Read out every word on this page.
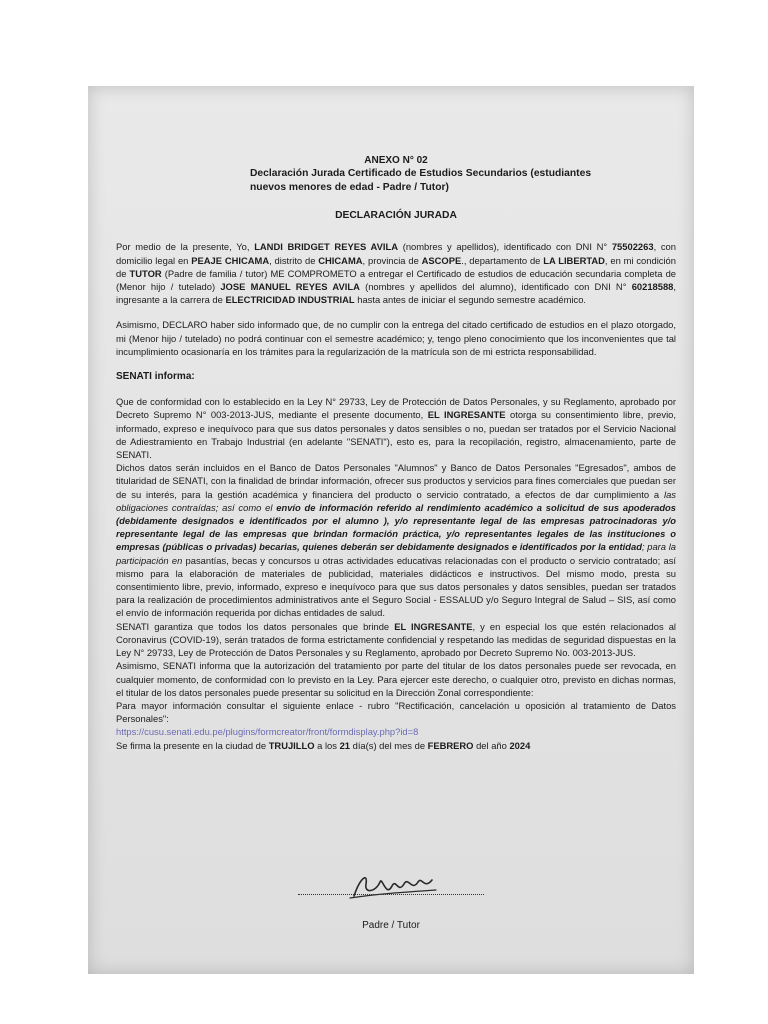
ANEXO N° 02

Declaración Jurada Certificado de Estudios Secundarios (estudiantes
nuevos menores de edad - Padre / Tutor)

DECLARACIÓN JURADA

Por medio de la presente, Yo, LANDI BRIDGET REYES AVILA (nombres y apellidos), identificado con DNI N° 75502263, con domicilio legal en PEAJE CHICAMA, distrito de CHICAMA, provincia de ASCOPE., departamento de LA LIBERTAD, en mi condición de TUTOR (Padre de familia / tutor) ME COMPROMETO a entregar el Certificado de estudios de educación secundaria completa de (Menor hijo / tutelado) JOSE MANUEL REYES AVILA (nombres y apellidos del alumno), identificado con DNI N° 60218588, ingresante a la carrera de ELECTRICIDAD INDUSTRIAL hasta antes de iniciar el segundo semestre académico.

Asimismo, DECLARO haber sido informado que, de no cumplir con la entrega del citado certificado de estudios en el plazo otorgado, mi (Menor hijo / tutelado) no podrá continuar con el semestre académico; y, tengo pleno conocimiento que los inconvenientes que tal incumplimiento ocasionaría en los trámites para la regularización de la matrícula son de mi estricta responsabilidad.

SENATI informa:

Que de conformidad con lo establecido en la Ley N° 29733, Ley de Protección de Datos Personales, y su Reglamento, aprobado por Decreto Supremo N° 003-2013-JUS, mediante el presente documento, EL INGRESANTE otorga su consentimiento libre, previo, informado, expreso e inequívoco para que sus datos personales y datos sensibles o no, puedan ser tratados por el Servicio Nacional de Adiestramiento en Trabajo Industrial (en adelante "SENATI"), esto es, para la recopilación, registro, almacenamiento, parte de SENATI.

Dichos datos serán incluidos en el Banco de Datos Personales "Alumnos" y Banco de Datos Personales "Egresados", ambos de titularidad de SENATI, con la finalidad de brindar información, ofrecer sus productos y servicios para fines comerciales que puedan ser de su interés, para la gestión académica y financiera del producto o servicio contratado, a efectos de dar cumplimiento a las obligaciones contraídas; así como el envío de información referido al rendimiento académico a solicitud de sus apoderados (debidamente designados e identificados por el alumno ), y/o representante legal de las empresas patrocinadoras y/o representante legal de las empresas que brindan formación práctica, y/o representantes legales de las instituciones o empresas (públicas o privadas) becarias, quienes deberán ser debidamente designados e identificados por la entidad; para la participación en pasantías, becas y concursos u otras actividades educativas relacionadas con el producto o servicio contratado; así mismo para la elaboración de materiales de publicidad, materiales didácticos e instructivos. Del mismo modo, presta su consentimiento libre, previo, informado, expreso e inequívoco para que sus datos personales y datos sensibles, puedan ser tratados para la realización de procedimientos administrativos ante el Seguro Social - ESSALUD y/o Seguro Integral de Salud – SIS, así como el envío de información requerida por dichas entidades de salud.

SENATI garantiza que todos los datos personales que brinde EL INGRESANTE, y en especial los que estén relacionados al Coronavirus (COVID-19), serán tratados de forma estrictamente confidencial y respetando las medidas de seguridad dispuestas en la Ley N° 29733, Ley de Protección de Datos Personales y su Reglamento, aprobado por Decreto Supremo No. 003-2013-JUS.

Asimismo, SENATI informa que la autorización del tratamiento por parte del titular de los datos personales puede ser revocada, en cualquier momento, de conformidad con lo previsto en la Ley. Para ejercer este derecho, o cualquier otro, previsto en dichas normas, el titular de los datos personales puede presentar su solicitud en la Dirección Zonal correspondiente:

Para mayor información consultar el siguiente enlace - rubro "Rectificación, cancelación u oposición al tratamiento de Datos Personales":

https://cusu.senati.edu.pe/plugins/formcreator/front/formdisplay.php?id=8

Se firma la presente en la ciudad de TRUJILLO a los 21 día(s) del mes de FEBRERO del año 2024

Padre / Tutor
